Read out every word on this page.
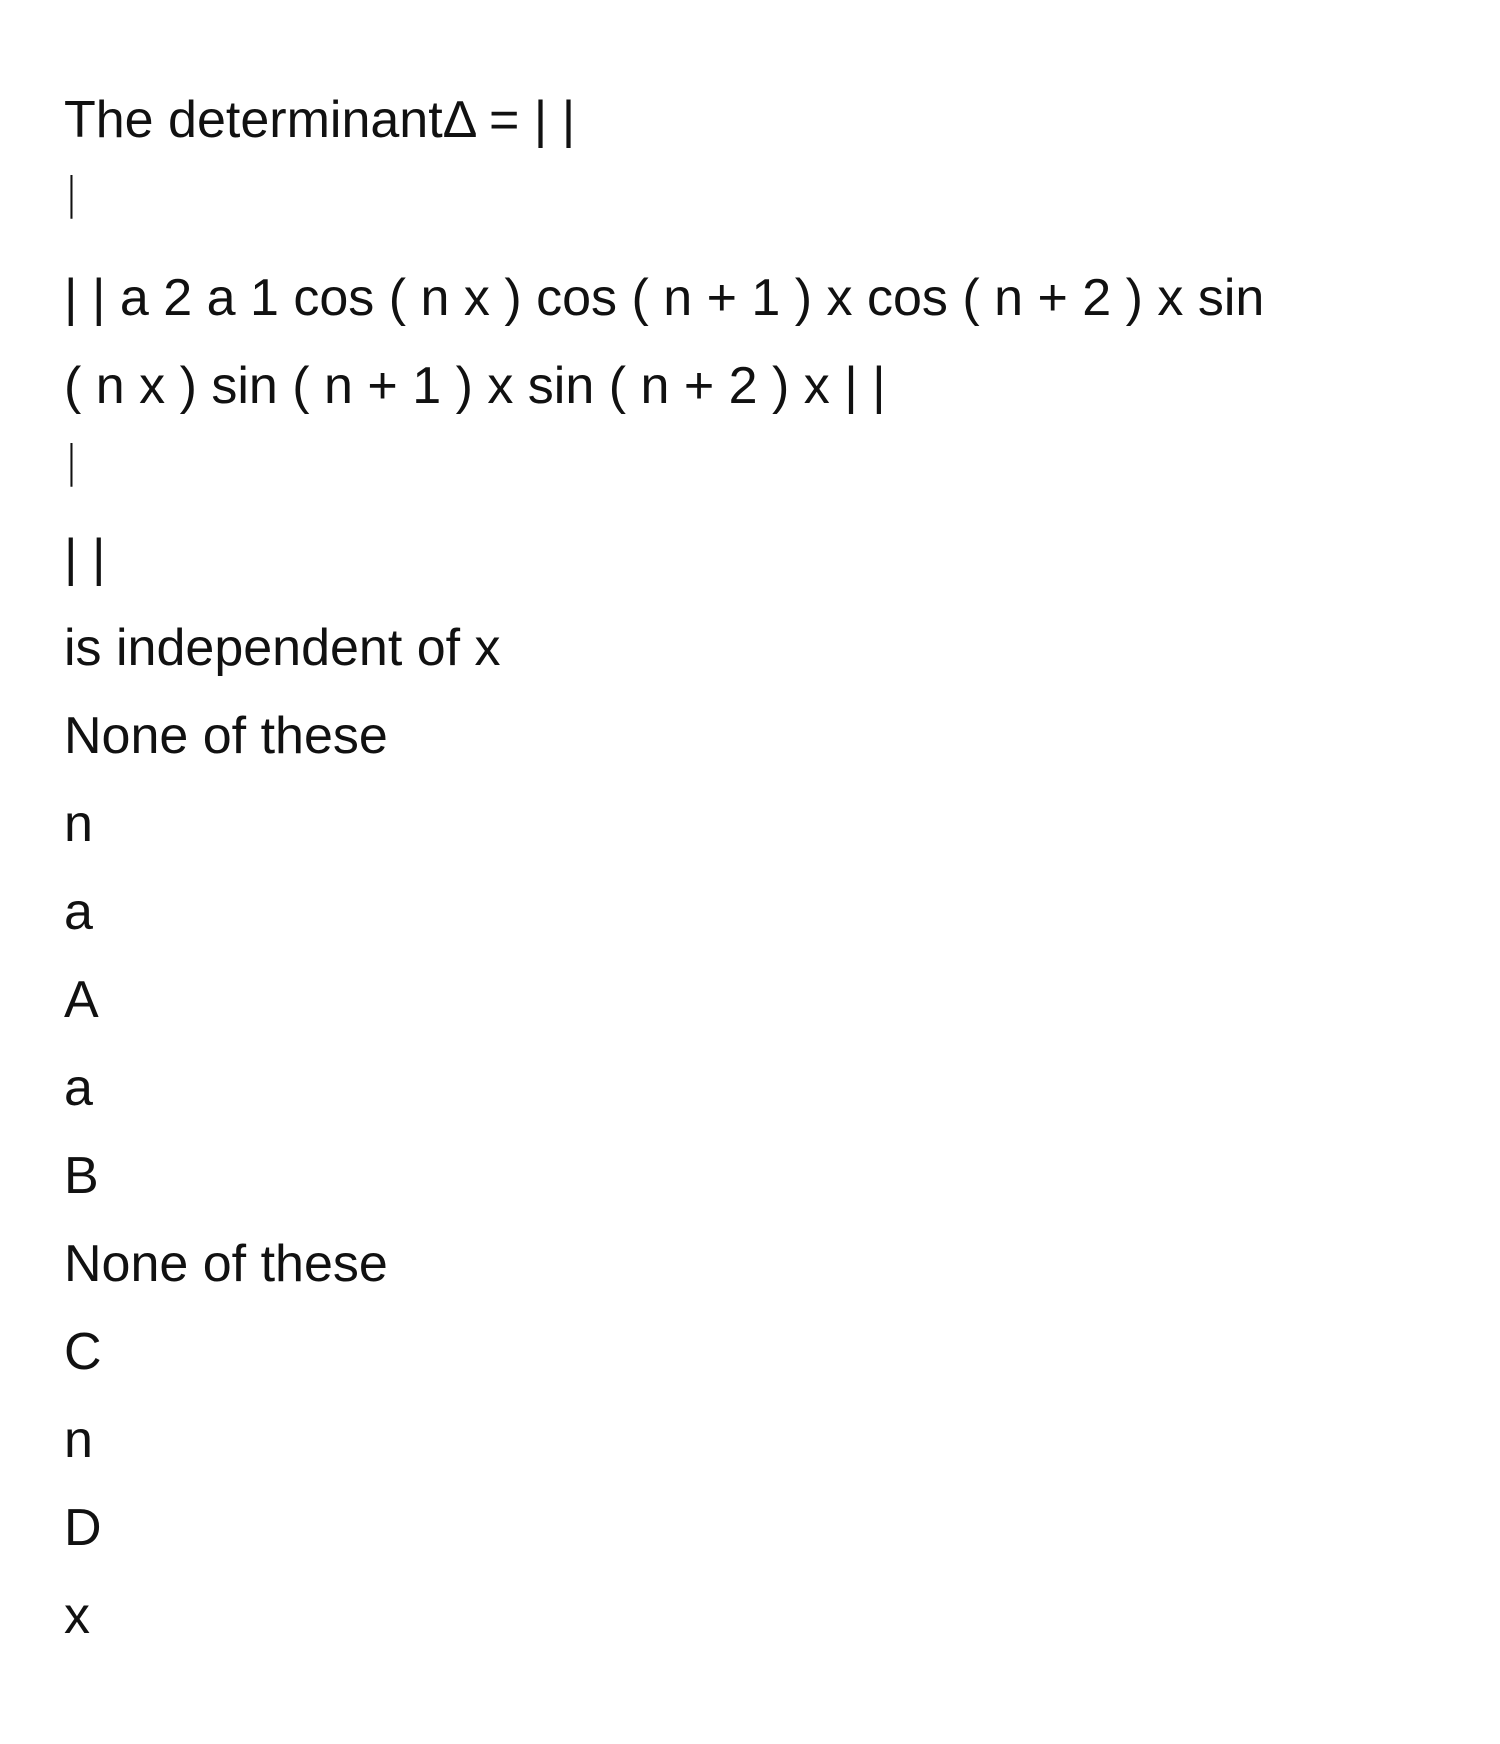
The determinantΔ = | |
|
| | a 2 a 1 cos ( n x ) cos ( n + 1 ) x cos ( n + 2 ) x sin
( n x ) sin ( n + 1 ) x sin ( n + 2 ) x | |
|
| |
is independent of x
None of these
n
a
A
a
B
None of these
C
n
D
x
